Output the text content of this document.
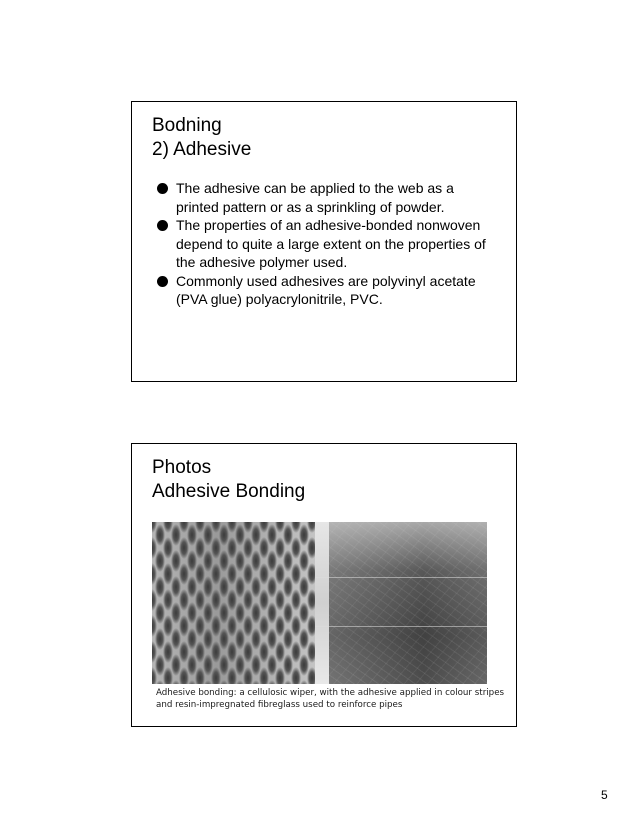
Bodning
2) Adhesive
The adhesive can be applied to the web as a printed pattern or as a sprinkling of powder.
The properties of an adhesive-bonded nonwoven depend to quite a large extent on the properties of the adhesive polymer used.
Commonly used adhesives are polyvinyl acetate (PVA glue) polyacrylonitrile, PVC.
Photos
Adhesive Bonding

Adhesive bonding: a cellulosic wiper, with the adhesive applied in colour stripes
and resin-impregnated fibreglass used to reinforce pipes

5
